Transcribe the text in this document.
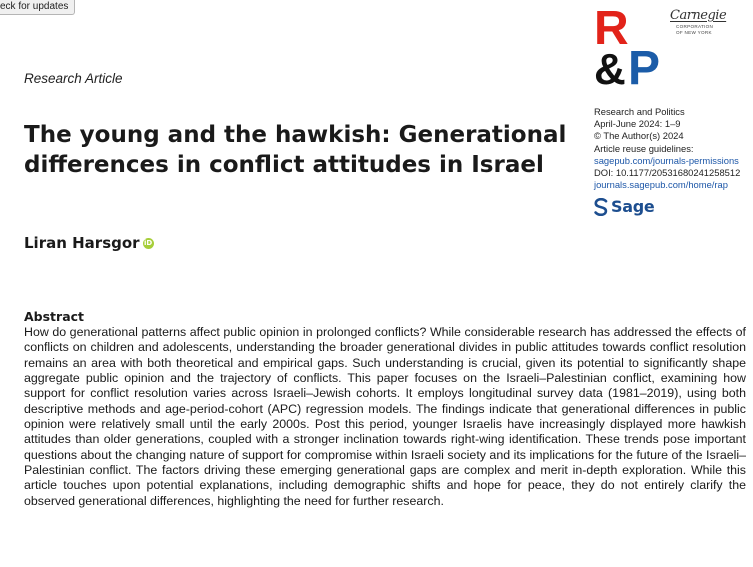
eck for updates
Research Article
The young and the hawkish: Generational differences in conflict attitudes in Israel
Liran Harsgor iD
R
& P
Carnegie
CORPORATION
OF NEW YORK
Research and Politics
April-June 2024: 1–9
© The Author(s) 2024
Article reuse guidelines:
sagepub.com/journals-permissions
DOI: 10.1177/20531680241258512
journals.sagepub.com/home/rap
Sage
Abstract

How do generational patterns affect public opinion in prolonged conflicts? While considerable research has addressed the effects of conflicts on children and adolescents, understanding the broader generational divides in public attitudes towards conflict resolution remains an area with both theoretical and empirical gaps. Such understanding is crucial, given its potential to significantly shape aggregate public opinion and the trajectory of conflicts. This paper focuses on the Israeli–Palestinian conflict, examining how support for conflict resolution varies across Israeli–Jewish cohorts. It employs longitudinal survey data (1981–2019), using both descriptive methods and age-period-cohort (APC) regression models. The findings indicate that generational differences in public opinion were relatively small until the early 2000s. Post this period, younger Israelis have increasingly displayed more hawkish attitudes than older generations, coupled with a stronger inclination towards right-wing identification. These trends pose important questions about the changing nature of support for compromise within Israeli society and its implications for the future of the Israeli–Palestinian conflict. The factors driving these emerging generational gaps are complex and merit in-depth exploration. While this article touches upon potential explanations, including demographic shifts and hope for peace, they do not entirely clarify the observed generational differences, highlighting the need for further research.
